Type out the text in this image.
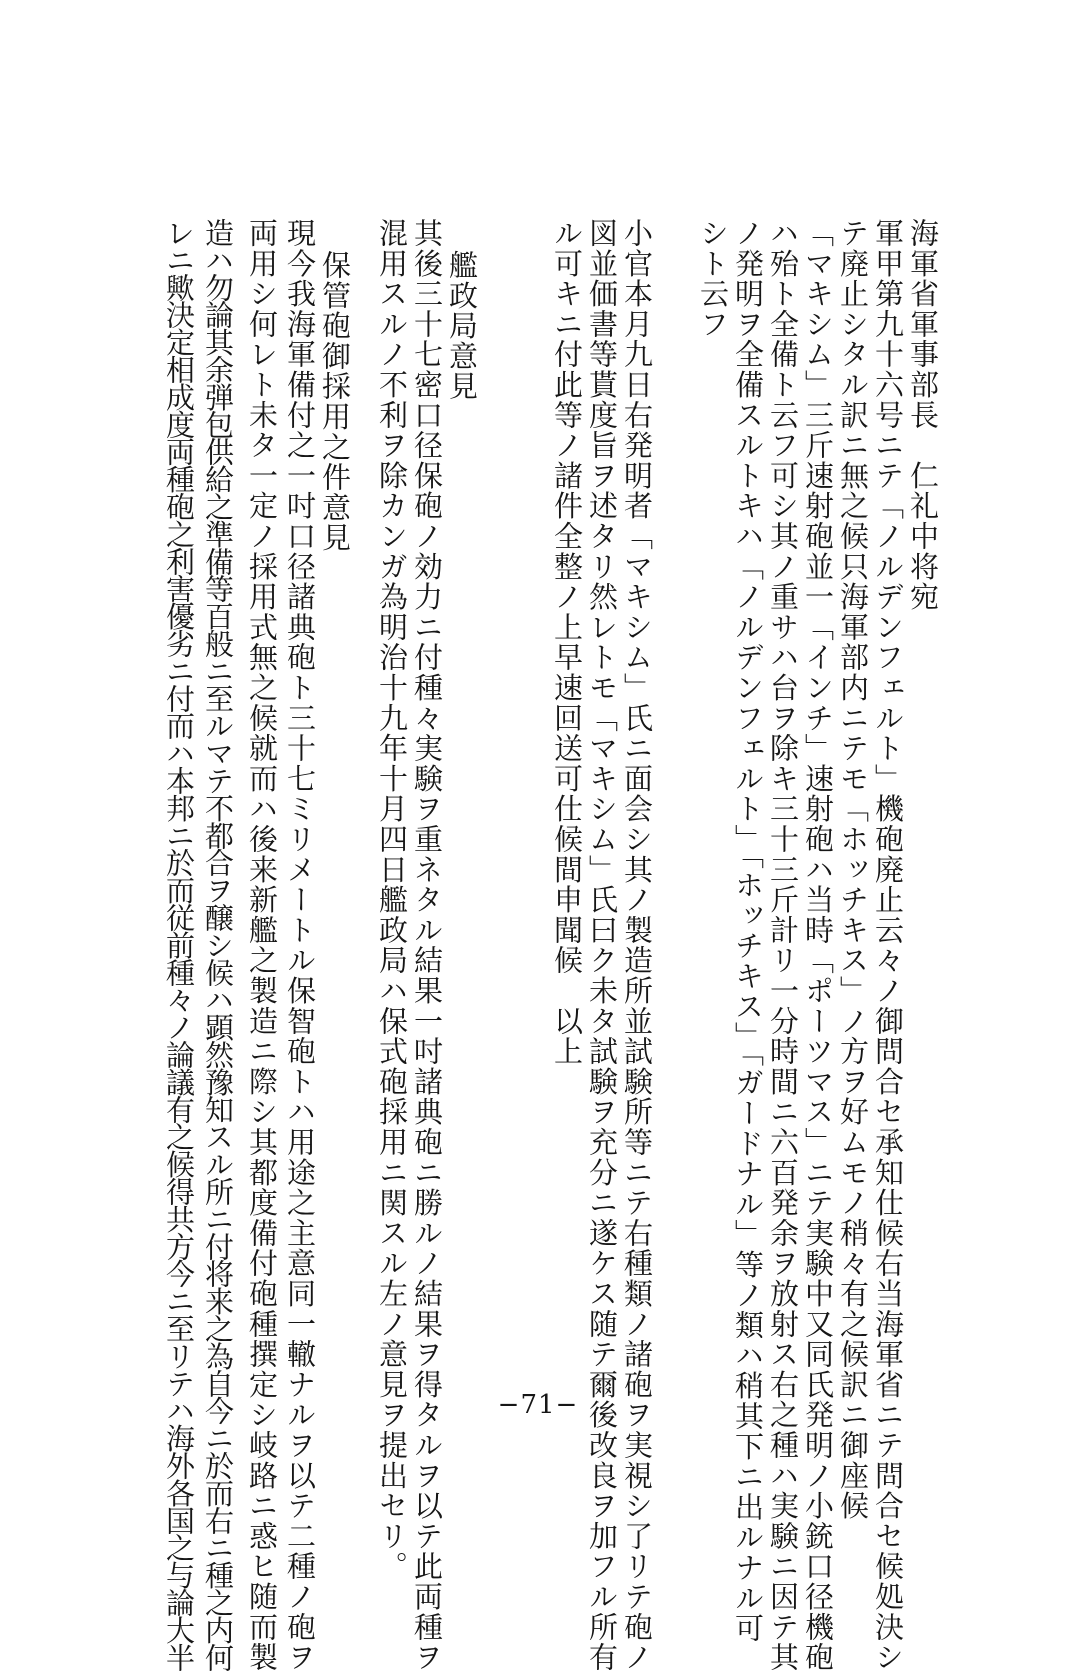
海軍省軍事部長　仁礼中将宛
軍甲第九十六号ニテ「ノルデンフェルト」機砲廃止云々ノ御問合セ承知仕候右当海軍省ニテ問合セ候処決シ
テ廃止シタル訳ニ無之候只海軍部内ニテモ「ホッチキス」ノ方ヲ好ムモノ稍々有之候訳ニ御座候
「マキシム」三斤速射砲並一「インチ」速射砲ハ当時「ポーツマス」ニテ実験中又同氏発明ノ小銃口径機砲
ハ殆ト全備ト云フ可シ其ノ重サハ台ヲ除キ三十三斤計リ一分時間ニ六百発余ヲ放射ス右之種ハ実験ニ因テ其
ノ発明ヲ全備スルトキハ「ノルデンフェルト」「ホッチキス」「ガードナル」等ノ類ハ稍其下ニ出ルナル可
シト云フ
小官本月九日右発明者「マキシム」氏ニ面会シ其ノ製造所並試験所等ニテ右種類ノ諸砲ヲ実視シ了リテ砲ノ
図並価書等貰度旨ヲ述タリ然レトモ「マキシム」氏曰ク未タ試験ヲ充分ニ遂ケス随テ爾後改良ヲ加フル所有
ル可キニ付此等ノ諸件全整ノ上早速回送可仕候間申聞候　以上
艦政局意見
其後三十七密口径保砲ノ効力ニ付種々実験ヲ重ネタル結果一吋諸典砲ニ勝ルノ結果ヲ得タルヲ以テ此両種ヲ
混用スルノ不利ヲ除カンガ為明治十九年十月四日艦政局ハ保式砲採用ニ関スル左ノ意見ヲ提出セリ。
保管砲御採用之件意見
現今我海軍備付之一吋口径諸典砲ト三十七ミリメートル保智砲トハ用途之主意同一轍ナルヲ以テ二種ノ砲ヲ
両用シ何レト未タ一定ノ採用式無之候就而ハ後来新艦之製造ニ際シ其都度備付砲種撰定シ岐路ニ惑ヒ随而製
造ハ勿論其余弾包供給之準備等百般ニ至ルマテ不都合ヲ醸シ候ハ顕然豫知スル所ニ付将来之為自今ニ於而右ニ種之内何
レニ歟決定相成度両種砲之利害優劣ニ付而ハ本邦ニ於而従前種々ノ論議有之候得共方今ニ至リテハ海外各国之与論大半	−71−
